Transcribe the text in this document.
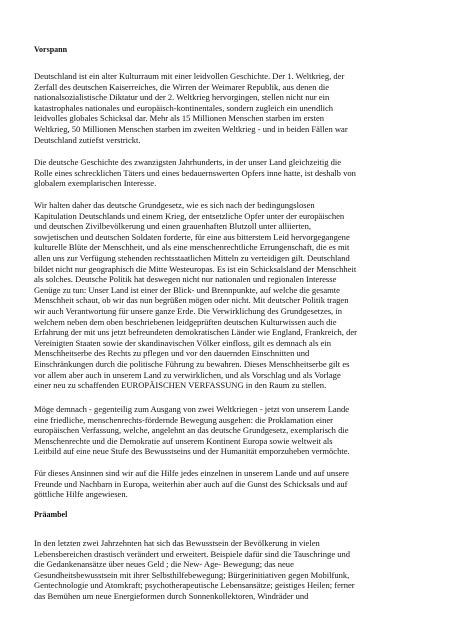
Vorspann
Deutschland ist ein alter Kulturraum mit einer leidvollen Geschichte. Der 1. Weltkrieg, der
Zerfall des deutschen Kaiserreiches, die Wirren der Weimarer Republik, aus denen die
nationalsozialistische Diktatur und der 2. Weltkrieg hervorgingen, stellen nicht nur ein
katastrophales nationales und europäisch-kontinentales, sondern zugleich ein unendlich
leidvolles globales Schicksal dar. Mehr als 15 Millionen Menschen starben im ersten
Weltkrieg, 50 Millionen Menschen starben im zweiten Weltkrieg - und in beiden Fällen war
Deutschland zutiefst verstrickt.
Die deutsche Geschichte des zwanzigsten Jahrhunderts, in der unser Land gleichzeitig die
Rolle eines schrecklichen Täters und eines bedauernswerten Opfers inne hatte, ist deshalb von
globalem exemplarischen Interesse.
Wir halten daher das deutsche Grundgesetz, wie es sich nach der bedingungslosen
Kapitulation Deutschlands und einem Krieg, der entsetzliche Opfer unter der europäischen
und deutschen Zivilbevölkerung und einen grauenhaften Blutzoll unter alliierten,
sowjetischen und deutschen Soldaten forderte, für eine aus bitterstem Leid hervorgegangene
kulturelle Blüte der Menschheit, und als eine menschenrechtliche Errungenschaft, die es mit
allen uns zur Verfügung stehenden rechtsstaatlichen Mitteln zu verteidigen gilt. Deutschland
bildet nicht nur geographisch die Mitte Westeuropas. Es ist ein Schicksalsland der Menschheit
als solches. Deutsche Politik hat deswegen nicht nur nationalen und regionalen Interesse
Genüge zu tun: Unser Land ist einer der Blick- und Brennpunkte, auf welche die gesamte
Menschheit schaut, ob wir das nun begrüßen mögen oder nicht. Mit deutscher Politik tragen
wir auch Verantwortung für unsere ganze Erde. Die Verwirklichung des Grundgesetzes, in
welchem neben dem oben beschriebenen leidgeprüften deutschen Kulturwissen auch die
Erfahrung der mit uns jetzt befreundeten demokratischen Länder wie England, Frankreich, der
Vereinigten Staaten sowie der skandinavischen Völker einfloss, gilt es demnach als ein
Menschheitserbe des Rechts zu pflegen und vor den dauernden Einschnitten und
Einschränkungen durch die politische Führung zu bewahren. Dieses Menschheitserbe gilt es
vor allem aber auch in unserem Land zu verwirklichen, und als Vorschlag und als Vorlage
einer neu zu schaffenden EUROPÄISCHEN VERFASSUNG in den Raum zu stellen.
Möge demnach - gegenteilig zum Ausgang von zwei Weltkriegen - jetzt von unserem Lande
eine friedliche, menschenrechts-fördernde Bewegung ausgehen: die Proklamation einer
europäischen Verfassung, welche, angelehnt an das deutsche Grundgesetz, exemplarisch die
Menschenrechte und die Demokratie auf unserem Kontinent Europa sowie weltweit als
Leitbild auf eine neue Stufe des Bewusstseins und der Humanität emporzuheben vermöchte.
Für dieses Ansinnen sind wir auf die Hilfe jedes einzelnen in unserem Lande und auf unsere
Freunde und Nachbarn in Europa, weiterhin aber auch auf die Gunst des Schicksals und auf
göttliche Hilfe angewiesen.
Präambel
In den letzten zwei Jahrzehnten hat sich das Bewusstsein der Bevölkerung in vielen
Lebensbereichen drastisch verändert und erweitert. Beispiele dafür sind die Tauschringe und
die Gedankenansätze über neues Geld ; die New- Age- Bewegung; das neue
Gesundheitsbewusstsein mit ihrer Selbsthilfebewegung; Bürgerinitiativen gegen Mobilfunk,
Gentechnologie und Atomkraft; psychotherapeutische Lebensansätze; geistiges Heilen; ferner
das Bemühen um neue Energieformen durch Sonnenkollektoren, Windräder und
